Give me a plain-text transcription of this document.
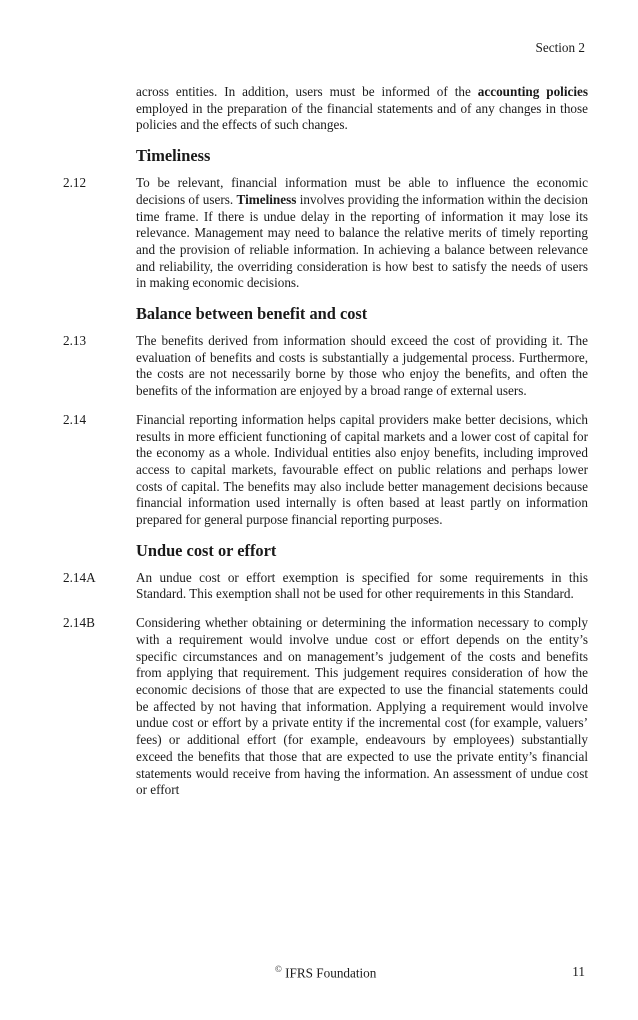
Section 2
across entities. In addition, users must be informed of the accounting policies employed in the preparation of the financial statements and of any changes in those policies and the effects of such changes.
Timeliness
2.12	To be relevant, financial information must be able to influence the economic decisions of users. Timeliness involves providing the information within the decision time frame. If there is undue delay in the reporting of information it may lose its relevance. Management may need to balance the relative merits of timely reporting and the provision of reliable information. In achieving a balance between relevance and reliability, the overriding consideration is how best to satisfy the needs of users in making economic decisions.
Balance between benefit and cost
2.13	The benefits derived from information should exceed the cost of providing it. The evaluation of benefits and costs is substantially a judgemental process. Furthermore, the costs are not necessarily borne by those who enjoy the benefits, and often the benefits of the information are enjoyed by a broad range of external users.
2.14	Financial reporting information helps capital providers make better decisions, which results in more efficient functioning of capital markets and a lower cost of capital for the economy as a whole. Individual entities also enjoy benefits, including improved access to capital markets, favourable effect on public relations and perhaps lower costs of capital. The benefits may also include better management decisions because financial information used internally is often based at least partly on information prepared for general purpose financial reporting purposes.
Undue cost or effort
2.14A	An undue cost or effort exemption is specified for some requirements in this Standard. This exemption shall not be used for other requirements in this Standard.
2.14B	Considering whether obtaining or determining the information necessary to comply with a requirement would involve undue cost or effort depends on the entity’s specific circumstances and on management’s judgement of the costs and benefits from applying that requirement. This judgement requires consideration of how the economic decisions of those that are expected to use the financial statements could be affected by not having that information. Applying a requirement would involve undue cost or effort by a private entity if the incremental cost (for example, valuers’ fees) or additional effort (for example, endeavours by employees) substantially exceed the benefits that those that are expected to use the private entity’s financial statements would receive from having the information. An assessment of undue cost or effort
© IFRS Foundation	11
